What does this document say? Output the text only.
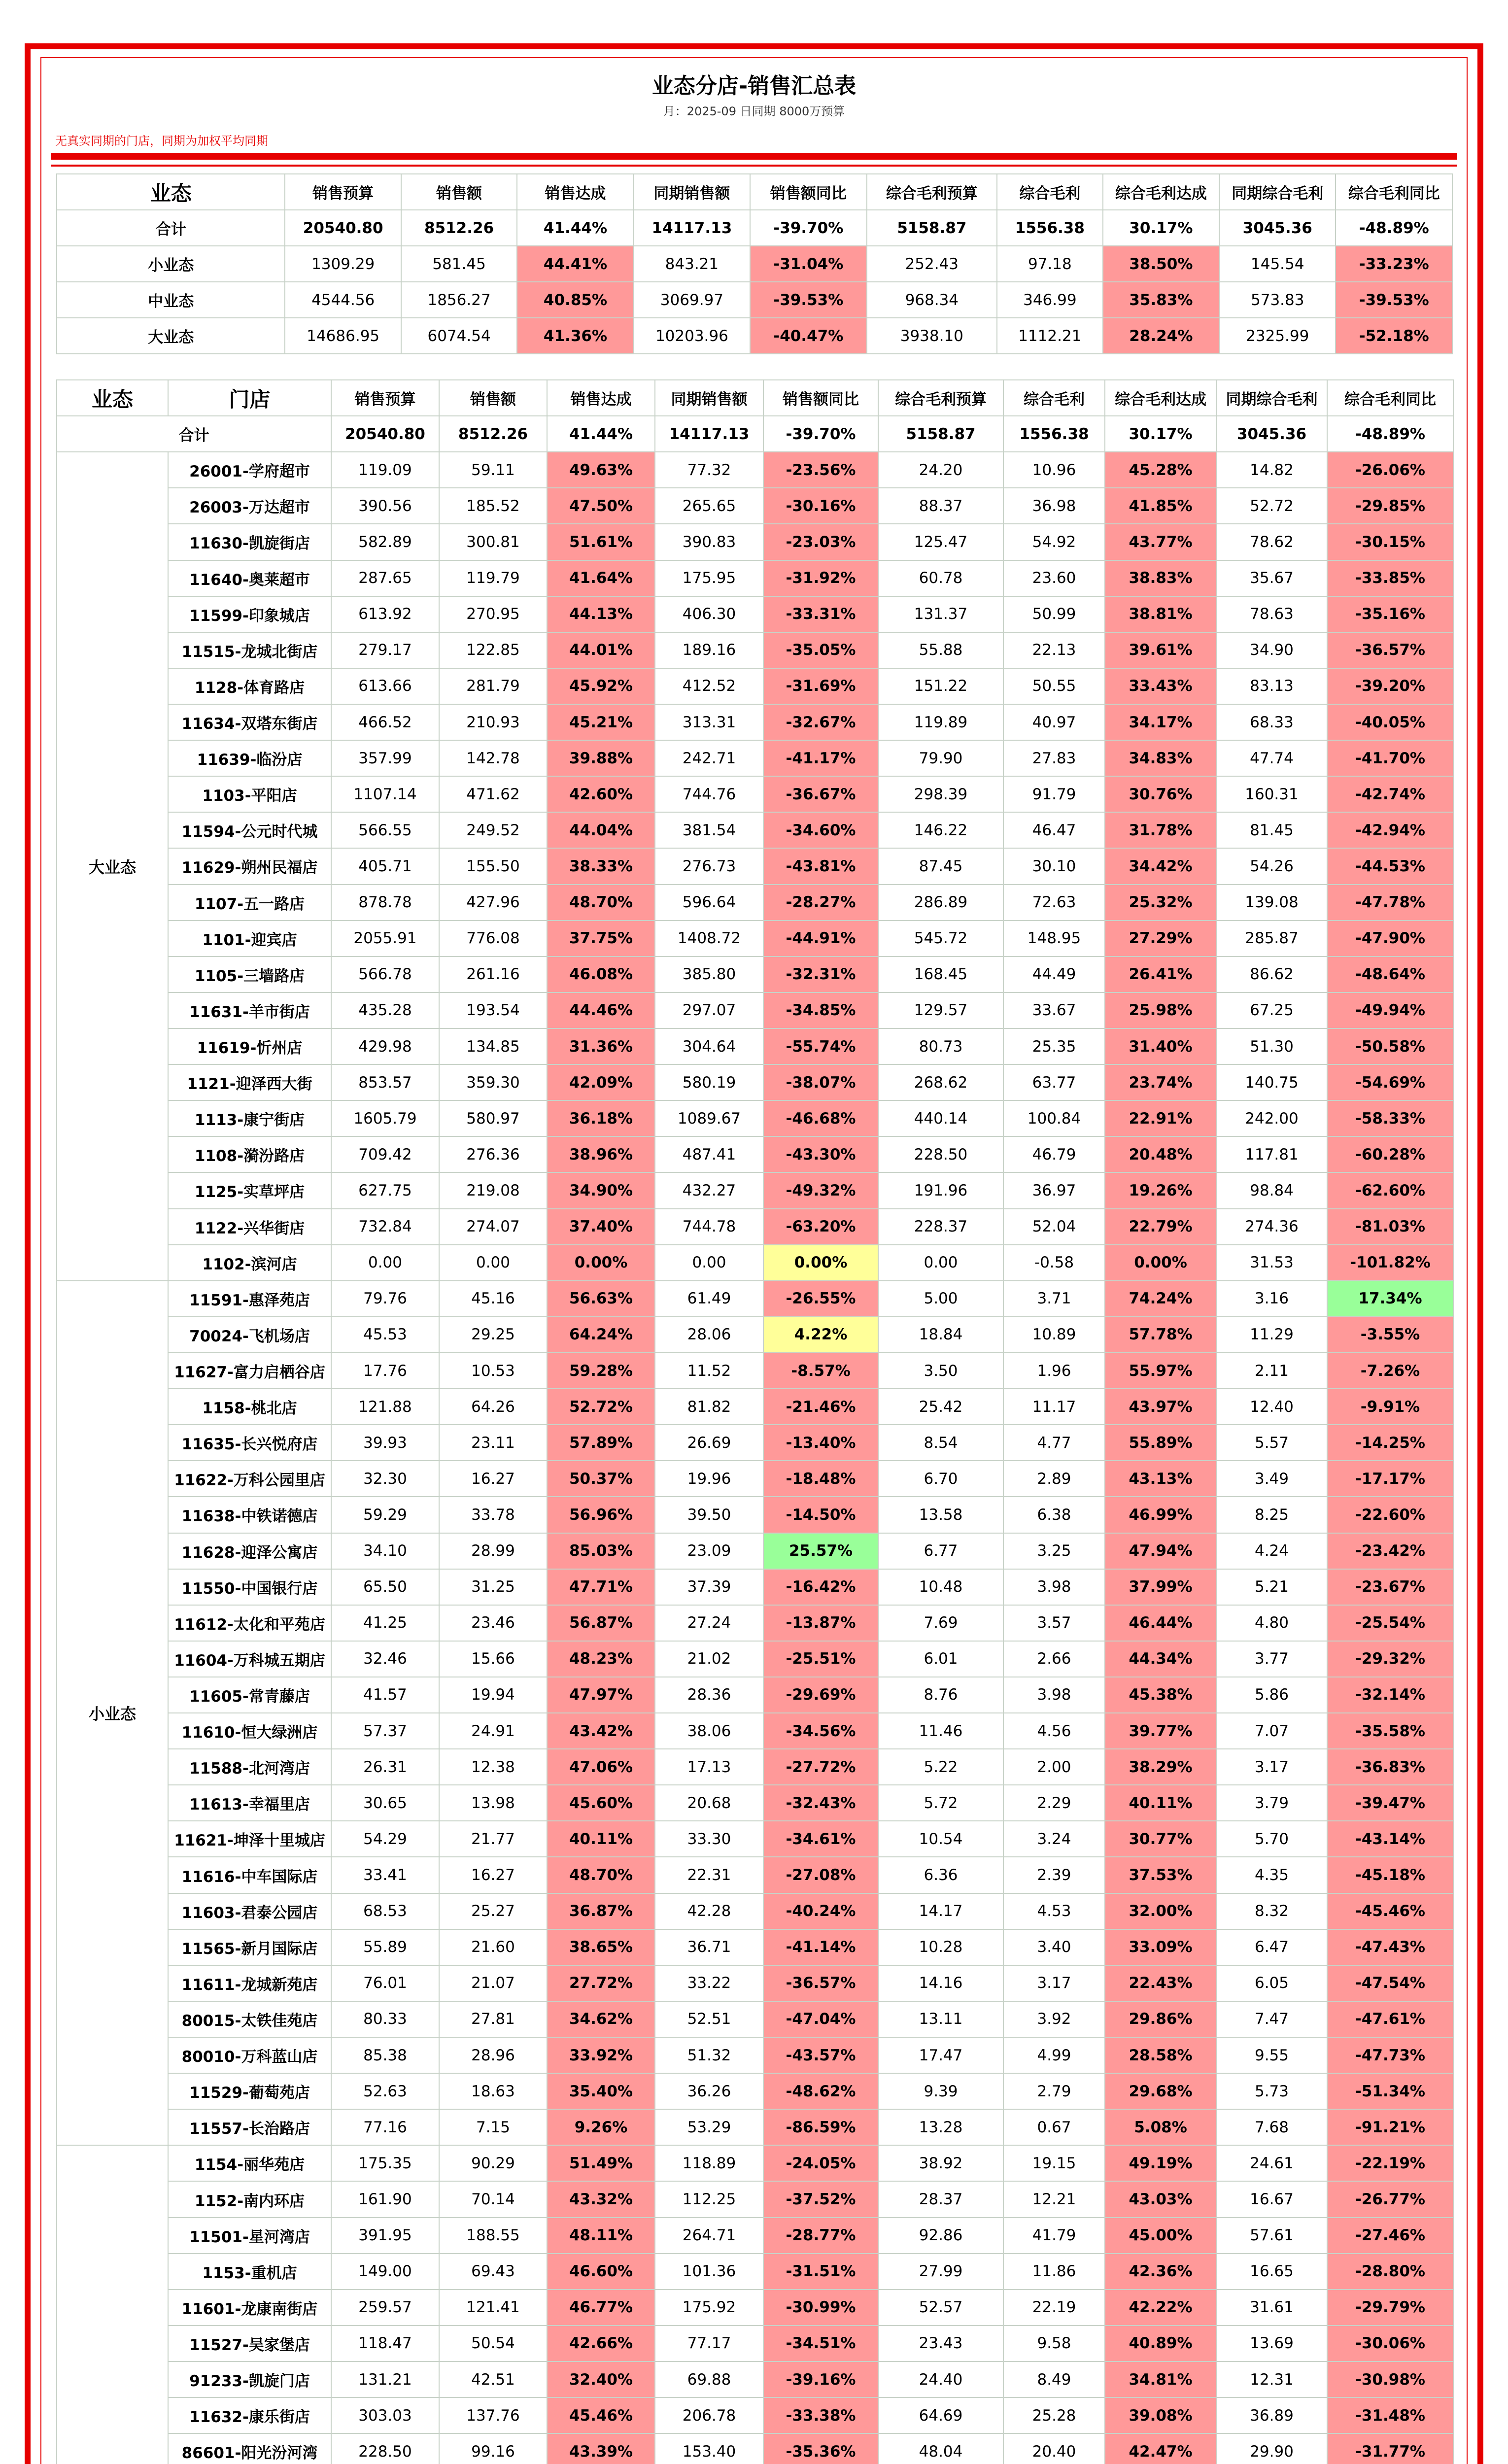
业态分店-销售汇总表
月：2025-09 日同期 8000万预算
无真实同期的门店，同期为加权平均同期
业态	销售预算	销售额	销售达成	同期销售额	销售额同比	综合毛利预算	综合毛利	综合毛利达成	同期综合毛利	综合毛利同比
合计	20540.80	8512.26	41.44%	14117.13	-39.70%	5158.87	1556.38	30.17%	3045.36	-48.89%
小业态	1309.29	581.45	44.41%	843.21	-31.04%	252.43	97.18	38.50%	145.54	-33.23%
中业态	4544.56	1856.27	40.85%	3069.97	-39.53%	968.34	346.99	35.83%	573.83	-39.53%
大业态	14686.95	6074.54	41.36%	10203.96	-40.47%	3938.10	1112.21	28.24%	2325.99	-52.18%
业态	门店	销售预算	销售额	销售达成	同期销售额	销售额同比	综合毛利预算	综合毛利	综合毛利达成	同期综合毛利	综合毛利同比
合计		20540.80	8512.26	41.44%	14117.13	-39.70%	5158.87	1556.38	30.17%	3045.36	-48.89%
大业态	26001-学府超市	119.09	59.11	49.63%	77.32	-23.56%	24.20	10.96	45.28%	14.82	-26.06%
	26003-万达超市	390.56	185.52	47.50%	265.65	-30.16%	88.37	36.98	41.85%	52.72	-29.85%
	11630-凯旋街店	582.89	300.81	51.61%	390.83	-23.03%	125.47	54.92	43.77%	78.62	-30.15%
	11640-奥莱超市	287.65	119.79	41.64%	175.95	-31.92%	60.78	23.60	38.83%	35.67	-33.85%
	11599-印象城店	613.92	270.95	44.13%	406.30	-33.31%	131.37	50.99	38.81%	78.63	-35.16%
	11515-龙城北街店	279.17	122.85	44.01%	189.16	-35.05%	55.88	22.13	39.61%	34.90	-36.57%
	1128-体育路店	613.66	281.79	45.92%	412.52	-31.69%	151.22	50.55	33.43%	83.13	-39.20%
	11634-双塔东街店	466.52	210.93	45.21%	313.31	-32.67%	119.89	40.97	34.17%	68.33	-40.05%
	11639-临汾店	357.99	142.78	39.88%	242.71	-41.17%	79.90	27.83	34.83%	47.74	-41.70%
	1103-平阳店	1107.14	471.62	42.60%	744.76	-36.67%	298.39	91.79	30.76%	160.31	-42.74%
	11594-公元时代城	566.55	249.52	44.04%	381.54	-34.60%	146.22	46.47	31.78%	81.45	-42.94%
	11629-朔州民福店	405.71	155.50	38.33%	276.73	-43.81%	87.45	30.10	34.42%	54.26	-44.53%
	1107-五一路店	878.78	427.96	48.70%	596.64	-28.27%	286.89	72.63	25.32%	139.08	-47.78%
	1101-迎宾店	2055.91	776.08	37.75%	1408.72	-44.91%	545.72	148.95	27.29%	285.87	-47.90%
	1105-三墙路店	566.78	261.16	46.08%	385.80	-32.31%	168.45	44.49	26.41%	86.62	-48.64%
	11631-羊市街店	435.28	193.54	44.46%	297.07	-34.85%	129.57	33.67	25.98%	67.25	-49.94%
	11619-忻州店	429.98	134.85	31.36%	304.64	-55.74%	80.73	25.35	31.40%	51.30	-50.58%
	1121-迎泽西大街	853.57	359.30	42.09%	580.19	-38.07%	268.62	63.77	23.74%	140.75	-54.69%
	1113-康宁街店	1605.79	580.97	36.18%	1089.67	-46.68%	440.14	100.84	22.91%	242.00	-58.33%
	1108-漪汾路店	709.42	276.36	38.96%	487.41	-43.30%	228.50	46.79	20.48%	117.81	-60.28%
	1125-实草坪店	627.75	219.08	34.90%	432.27	-49.32%	191.96	36.97	19.26%	98.84	-62.60%
	1122-兴华街店	732.84	274.07	37.40%	744.78	-63.20%	228.37	52.04	22.79%	274.36	-81.03%
	1102-滨河店	0.00	0.00	0.00%	0.00	0.00%	0.00	-0.58	0.00%	31.53	-101.82%
小业态	11591-惠泽苑店	79.76	45.16	56.63%	61.49	-26.55%	5.00	3.71	74.24%	3.16	17.34%
	70024-飞机场店	45.53	29.25	64.24%	28.06	4.22%	18.84	10.89	57.78%	11.29	-3.55%
	11627-富力启栖谷店	17.76	10.53	59.28%	11.52	-8.57%	3.50	1.96	55.97%	2.11	-7.26%
	1158-桃北店	121.88	64.26	52.72%	81.82	-21.46%	25.42	11.17	43.97%	12.40	-9.91%
	11635-长兴悦府店	39.93	23.11	57.89%	26.69	-13.40%	8.54	4.77	55.89%	5.57	-14.25%
	11622-万科公园里店	32.30	16.27	50.37%	19.96	-18.48%	6.70	2.89	43.13%	3.49	-17.17%
	11638-中铁诺德店	59.29	33.78	56.96%	39.50	-14.50%	13.58	6.38	46.99%	8.25	-22.60%
	11628-迎泽公寓店	34.10	28.99	85.03%	23.09	25.57%	6.77	3.25	47.94%	4.24	-23.42%
	11550-中国银行店	65.50	31.25	47.71%	37.39	-16.42%	10.48	3.98	37.99%	5.21	-23.67%
	11612-太化和平苑店	41.25	23.46	56.87%	27.24	-13.87%	7.69	3.57	46.44%	4.80	-25.54%
	11604-万科城五期店	32.46	15.66	48.23%	21.02	-25.51%	6.01	2.66	44.34%	3.77	-29.32%
	11605-常青藤店	41.57	19.94	47.97%	28.36	-29.69%	8.76	3.98	45.38%	5.86	-32.14%
	11610-恒大绿洲店	57.37	24.91	43.42%	38.06	-34.56%	11.46	4.56	39.77%	7.07	-35.58%
	11588-北河湾店	26.31	12.38	47.06%	17.13	-27.72%	5.22	2.00	38.29%	3.17	-36.83%
	11613-幸福里店	30.65	13.98	45.60%	20.68	-32.43%	5.72	2.29	40.11%	3.79	-39.47%
	11621-坤泽十里城店	54.29	21.77	40.11%	33.30	-34.61%	10.54	3.24	30.77%	5.70	-43.14%
	11616-中车国际店	33.41	16.27	48.70%	22.31	-27.08%	6.36	2.39	37.53%	4.35	-45.18%
	11603-君泰公园店	68.53	25.27	36.87%	42.28	-40.24%	14.17	4.53	32.00%	8.32	-45.46%
	11565-新月国际店	55.89	21.60	38.65%	36.71	-41.14%	10.28	3.40	33.09%	6.47	-47.43%
	11611-龙城新苑店	76.01	21.07	27.72%	33.22	-36.57%	14.16	3.17	22.43%	6.05	-47.54%
	80015-太铁佳苑店	80.33	27.81	34.62%	52.51	-47.04%	13.11	3.92	29.86%	7.47	-47.61%
	80010-万科蓝山店	85.38	28.96	33.92%	51.32	-43.57%	17.47	4.99	28.58%	9.55	-47.73%
	11529-葡萄苑店	52.63	18.63	35.40%	36.26	-48.62%	9.39	2.79	29.68%	5.73	-51.34%
	11557-长治路店	77.16	7.15	9.26%	53.29	-86.59%	13.28	0.67	5.08%	7.68	-91.21%
	1154-丽华苑店	175.35	90.29	51.49%	118.89	-24.05%	38.92	19.15	49.19%	24.61	-22.19%
	1152-南内环店	161.90	70.14	43.32%	112.25	-37.52%	28.37	12.21	43.03%	16.67	-26.77%
	11501-星河湾店	391.95	188.55	48.11%	264.71	-28.77%	92.86	41.79	45.00%	57.61	-27.46%
	1153-重机店	149.00	69.43	46.60%	101.36	-31.51%	27.99	11.86	42.36%	16.65	-28.80%
	11601-龙康南街店	259.57	121.41	46.77%	175.92	-30.99%	52.57	22.19	42.22%	31.61	-29.79%
	11527-吴家堡店	118.47	50.54	42.66%	77.17	-34.51%	23.43	9.58	40.89%	13.69	-30.06%
	91233-凯旋门店	131.21	42.51	32.40%	69.88	-39.16%	24.40	8.49	34.81%	12.31	-30.98%
	11632-康乐街店	303.03	137.76	45.46%	206.78	-33.38%	64.69	25.28	39.08%	36.89	-31.48%
	86601-阳光汾河湾	228.50	99.16	43.39%	153.40	-35.36%	48.04	20.40	42.47%	29.90	-31.77%
